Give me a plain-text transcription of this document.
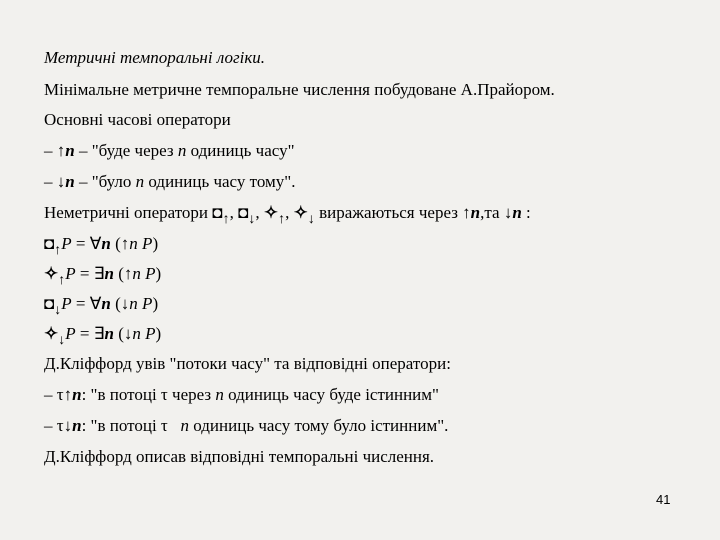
Метричні темпоральні логіки.
Мінімальне метричне темпоральне числення побудоване А.Прайором.
Основні часові оператори
– ↑n – "буде через n одиниць часу"
– ↓n – "було n одиниць часу тому".
Неметричні оператори $◘_↑$, $◘_↓$, $✧_↑$, $✧_↓$ виражаються через ↑n,та ↓n :
$◘_↑P$ = ∀n (↑n P)
$✧_↑P$ = ∃n (↑n P)
$◘_↓P$ = ∀n (↓n P)
$✧_↓P$ = ∃n (↓n P)
Д.Кліффорд увів "потоки часу" та відповідні оператори:
– τ↑n: "в потоці τ через n одиниць часу буде істинним"
– τ↓n: "в потоці τ n одиниць часу тому було істинним".
Д.Кліффорд описав відповідні темпоральні числення.
41
